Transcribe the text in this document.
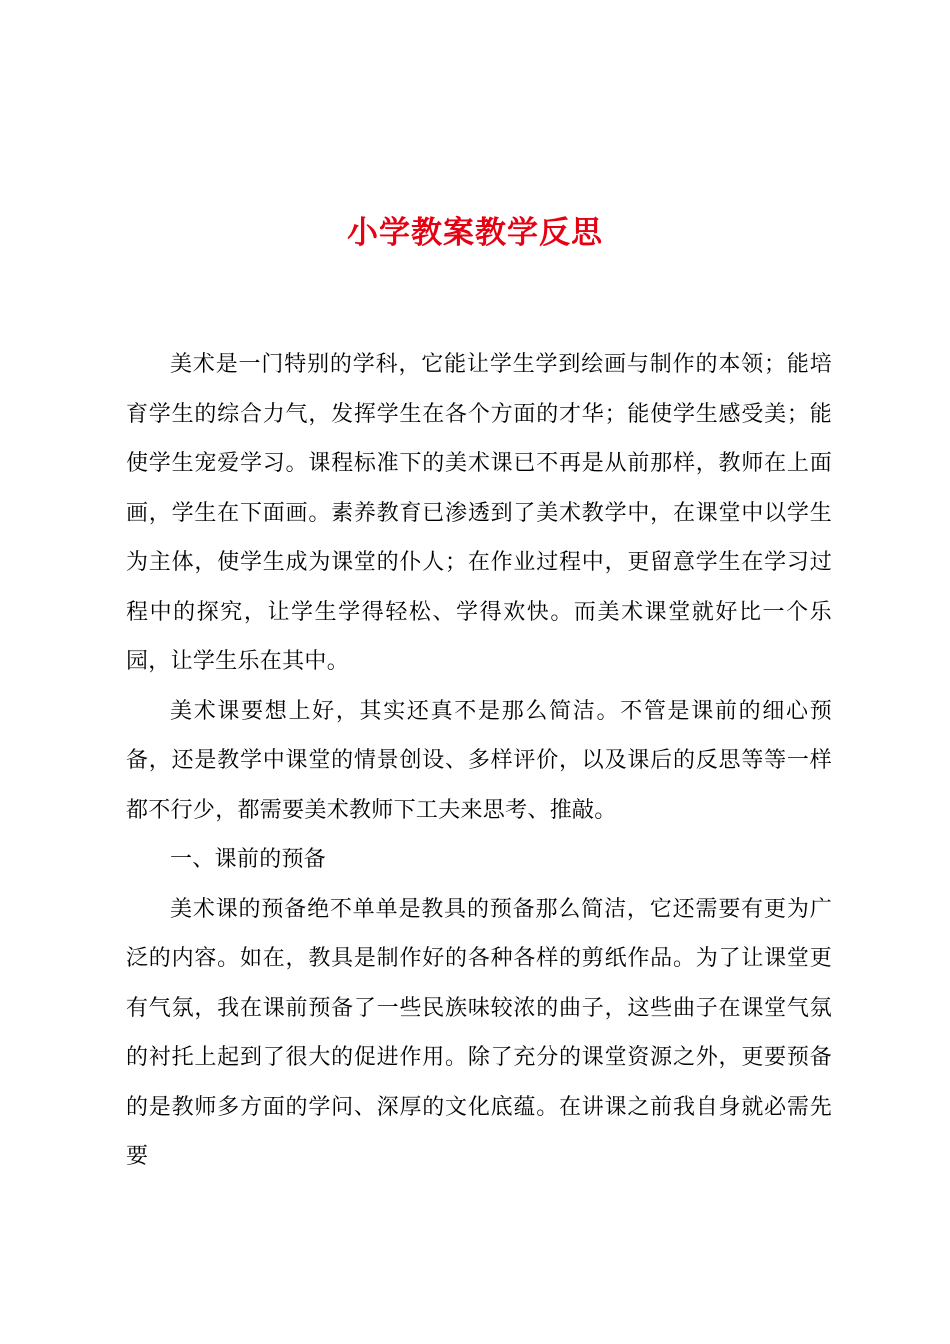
小学教案教学反思

美术是一门特别的学科，它能让学生学到绘画与制作的本领；能培育学生的综合力气，发挥学生在各个方面的才华；能使学生感受美；能使学生宠爱学习。课程标准下的美术课已不再是从前那样，教师在上面画，学生在下面画。素养教育已渗透到了美术教学中，在课堂中以学生为主体，使学生成为课堂的仆人；在作业过程中，更留意学生在学习过程中的探究，让学生学得轻松、学得欢快。而美术课堂就好比一个乐园，让学生乐在其中。

美术课要想上好，其实还真不是那么简洁。不管是课前的细心预备，还是教学中课堂的情景创设、多样评价，以及课后的反思等等一样都不行少，都需要美术教师下工夫来思考、推敲。

一、课前的预备

美术课的预备绝不单单是教具的预备那么简洁，它还需要有更为广泛的内容。如在，教具是制作好的各种各样的剪纸作品。为了让课堂更有气氛，我在课前预备了一些民族味较浓的曲子，这些曲子在课堂气氛的衬托上起到了很大的促进作用。除了充分的课堂资源之外，更要预备的是教师多方面的学问、深厚的文化底蕴。在讲课之前我自身就必需先要
